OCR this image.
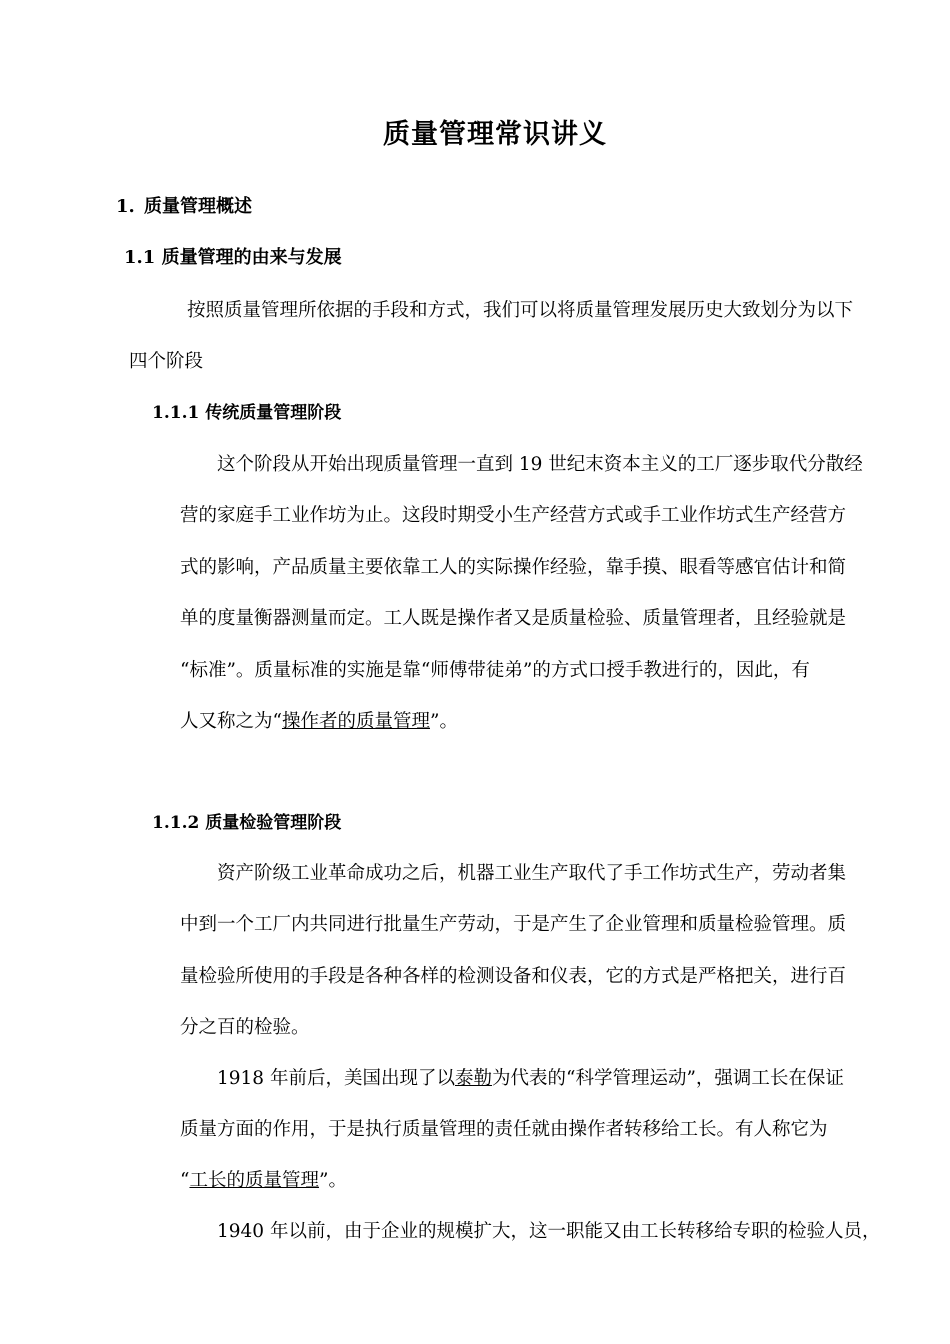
质量管理常识讲义
1. 质量管理概述
1.1 质量管理的由来与发展
按照质量管理所依据的手段和方式，我们可以将质量管理发展历史大致划分为以下
四个阶段
1.1.1 传统质量管理阶段
这个阶段从开始出现质量管理一直到 19 世纪末资本主义的工厂逐步取代分散经
营的家庭手工业作坊为止。这段时期受小生产经营方式或手工业作坊式生产经营方
式的影响，产品质量主要依靠工人的实际操作经验，靠手摸、眼看等感官估计和简
单的度量衡器测量而定。工人既是操作者又是质量检验、质量管理者，且经验就是
“标准”。质量标准的实施是靠“师傅带徒弟”的方式口授手教进行的，因此，有
人又称之为“操作者的质量管理”。
1.1.2 质量检验管理阶段
资产阶级工业革命成功之后，机器工业生产取代了手工作坊式生产，劳动者集
中到一个工厂内共同进行批量生产劳动，于是产生了企业管理和质量检验管理。质
量检验所使用的手段是各种各样的检测设备和仪表，它的方式是严格把关，进行百
分之百的检验。
1918 年前后，美国出现了以泰勒为代表的“科学管理运动”，强调工长在保证
质量方面的作用，于是执行质量管理的责任就由操作者转移给工长。有人称它为
“工长的质量管理”。
1940 年以前，由于企业的规模扩大，这一职能又由工长转移给专职的检验人员，
